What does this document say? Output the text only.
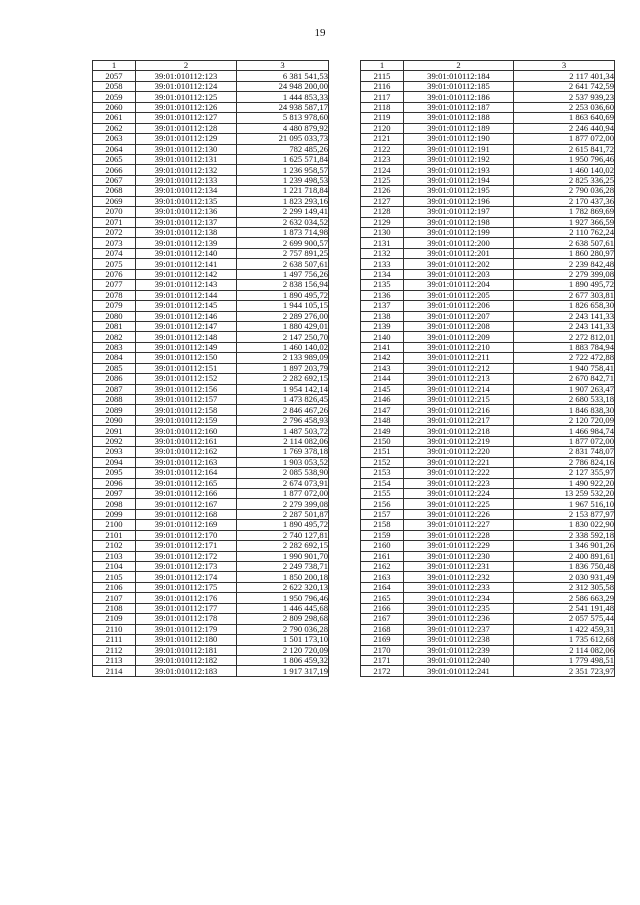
19
1	2	3
2057	39:01:010112:123	6 381 541,53
2058	39:01:010112:124	24 948 200,00
2059	39:01:010112:125	1 444 853,33
2060	39:01:010112:126	24 938 587,17
2061	39:01:010112:127	5 813 978,60
2062	39:01:010112:128	4 480 879,92
2063	39:01:010112:129	21 095 033,73
2064	39:01:010112:130	782 485,26
2065	39:01:010112:131	1 625 571,84
2066	39:01:010112:132	1 236 958,57
2067	39:01:010112:133	1 239 498,53
2068	39:01:010112:134	1 221 718,84
2069	39:01:010112:135	1 823 293,16
2070	39:01:010112:136	2 299 149,41
2071	39:01:010112:137	2 632 034,52
2072	39:01:010112:138	1 873 714,98
2073	39:01:010112:139	2 699 900,57
2074	39:01:010112:140	2 757 891,25
2075	39:01:010112:141	2 638 507,61
2076	39:01:010112:142	1 497 756,26
2077	39:01:010112:143	2 838 156,94
2078	39:01:010112:144	1 890 495,72
2079	39:01:010112:145	1 944 105,15
2080	39:01:010112:146	2 289 276,00
2081	39:01:010112:147	1 880 429,01
2082	39:01:010112:148	2 147 250,70
2083	39:01:010112:149	1 460 140,02
2084	39:01:010112:150	2 133 989,09
2085	39:01:010112:151	1 897 203,79
2086	39:01:010112:152	2 282 692,15
2087	39:01:010112:156	1 954 142,14
2088	39:01:010112:157	1 473 826,45
2089	39:01:010112:158	2 846 467,26
2090	39:01:010112:159	2 796 458,93
2091	39:01:010112:160	1 487 503,72
2092	39:01:010112:161	2 114 082,06
2093	39:01:010112:162	1 769 378,18
2094	39:01:010112:163	1 903 053,52
2095	39:01:010112:164	2 085 538,90
2096	39:01:010112:165	2 674 073,91
2097	39:01:010112:166	1 877 072,00
2098	39:01:010112:167	2 279 399,08
2099	39:01:010112:168	2 287 501,87
2100	39:01:010112:169	1 890 495,72
2101	39:01:010112:170	2 740 127,81
2102	39:01:010112:171	2 282 692,15
2103	39:01:010112:172	1 990 901,70
2104	39:01:010112:173	2 249 738,71
2105	39:01:010112:174	1 850 200,18
2106	39:01:010112:175	2 622 320,13
2107	39:01:010112:176	1 950 796,46
2108	39:01:010112:177	1 446 445,68
2109	39:01:010112:178	2 809 298,68
2110	39:01:010112:179	2 790 036,28
2111	39:01:010112:180	1 501 173,10
2112	39:01:010112:181	2 120 720,09
2113	39:01:010112:182	1 806 459,32
2114	39:01:010112:183	1 917 317,19
1	2	3
2115	39:01:010112:184	2 117 401,34
2116	39:01:010112:185	2 641 742,59
2117	39:01:010112:186	2 537 939,23
2118	39:01:010112:187	2 253 036,60
2119	39:01:010112:188	1 863 640,69
2120	39:01:010112:189	2 246 440,94
2121	39:01:010112:190	1 877 072,00
2122	39:01:010112:191	2 615 841,72
2123	39:01:010112:192	1 950 796,46
2124	39:01:010112:193	1 460 140,02
2125	39:01:010112:194	2 825 336,25
2126	39:01:010112:195	2 790 036,28
2127	39:01:010112:196	2 170 437,36
2128	39:01:010112:197	1 782 869,69
2129	39:01:010112:198	1 927 366,59
2130	39:01:010112:199	2 110 762,24
2131	39:01:010112:200	2 638 507,61
2132	39:01:010112:201	1 860 280,97
2133	39:01:010112:202	2 239 842,48
2134	39:01:010112:203	2 279 399,08
2135	39:01:010112:204	1 890 495,72
2136	39:01:010112:205	2 677 303,81
2137	39:01:010112:206	1 826 658,30
2138	39:01:010112:207	2 243 141,33
2139	39:01:010112:208	2 243 141,33
2140	39:01:010112:209	2 272 812,01
2141	39:01:010112:210	1 883 784,94
2142	39:01:010112:211	2 722 472,88
2143	39:01:010112:212	1 940 758,41
2144	39:01:010112:213	2 670 842,71
2145	39:01:010112:214	1 907 263,47
2146	39:01:010112:215	2 680 533,18
2147	39:01:010112:216	1 846 838,30
2148	39:01:010112:217	2 120 720,09
2149	39:01:010112:218	1 466 984,74
2150	39:01:010112:219	1 877 072,00
2151	39:01:010112:220	2 831 748,07
2152	39:01:010112:221	2 786 824,16
2153	39:01:010112:222	2 127 355,97
2154	39:01:010112:223	1 490 922,20
2155	39:01:010112:224	13 259 532,20
2156	39:01:010112:225	1 967 516,10
2157	39:01:010112:226	2 153 877,97
2158	39:01:010112:227	1 830 022,90
2159	39:01:010112:228	2 338 592,18
2160	39:01:010112:229	1 346 901,26
2161	39:01:010112:230	2 400 891,61
2162	39:01:010112:231	1 836 750,48
2163	39:01:010112:232	2 030 931,49
2164	39:01:010112:233	2 312 305,58
2165	39:01:010112:234	2 586 663,29
2166	39:01:010112:235	2 541 191,48
2167	39:01:010112:236	2 057 575,44
2168	39:01:010112:237	1 422 459,31
2169	39:01:010112:238	1 735 612,68
2170	39:01:010112:239	2 114 082,06
2171	39:01:010112:240	1 779 498,51
2172	39:01:010112:241	2 351 723,97
